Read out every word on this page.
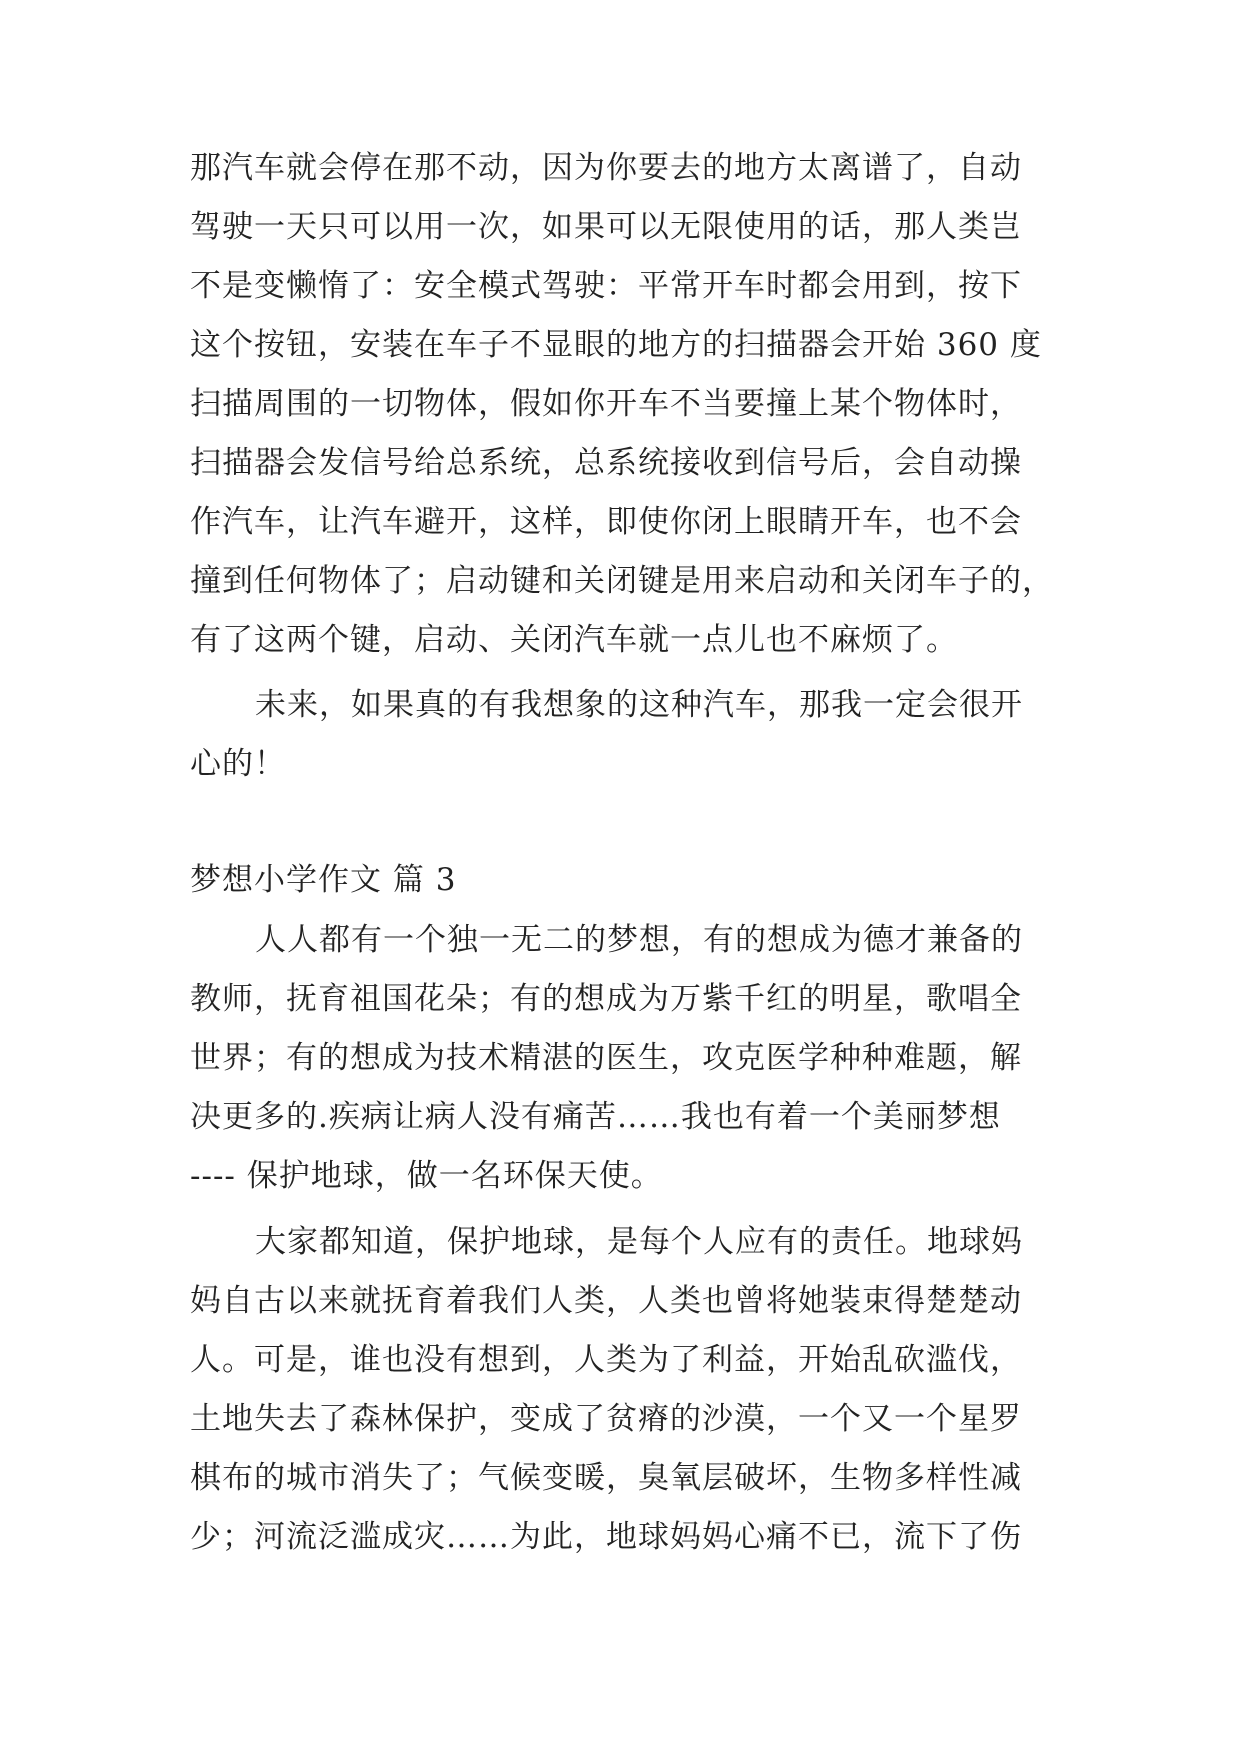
那汽车就会停在那不动，因为你要去的地方太离谱了，自动

驾驶一天只可以用一次，如果可以无限使用的话，那人类岂

不是变懒惰了：安全模式驾驶：平常开车时都会用到，按下

这个按钮，安装在车子不显眼的地方的扫描器会开始 360 度

扫描周围的一切物体，假如你开车不当要撞上某个物体时，

扫描器会发信号给总系统，总系统接收到信号后，会自动操

作汽车，让汽车避开，这样，即使你闭上眼睛开车，也不会

撞到任何物体了；启动键和关闭键是用来启动和关闭车子的，

有了这两个键，启动、关闭汽车就一点儿也不麻烦了。

未来，如果真的有我想象的这种汽车，那我一定会很开

心的！

梦想小学作文 篇 3

人人都有一个独一无二的梦想，有的想成为德才兼备的

教师，抚育祖国花朵；有的想成为万紫千红的明星，歌唱全

世界；有的想成为技术精湛的医生，攻克医学种种难题，解

决更多的.疾病让病人没有痛苦……我也有着一个美丽梦想

---- 保护地球，做一名环保天使。

大家都知道，保护地球，是每个人应有的责任。地球妈

妈自古以来就抚育着我们人类，人类也曾将她装束得楚楚动

人。可是，谁也没有想到，人类为了利益，开始乱砍滥伐，

土地失去了森林保护，变成了贫瘠的沙漠，一个又一个星罗

棋布的城市消失了；气候变暖，臭氧层破坏，生物多样性减

少；河流泛滥成灾……为此，地球妈妈心痛不已，流下了伤
